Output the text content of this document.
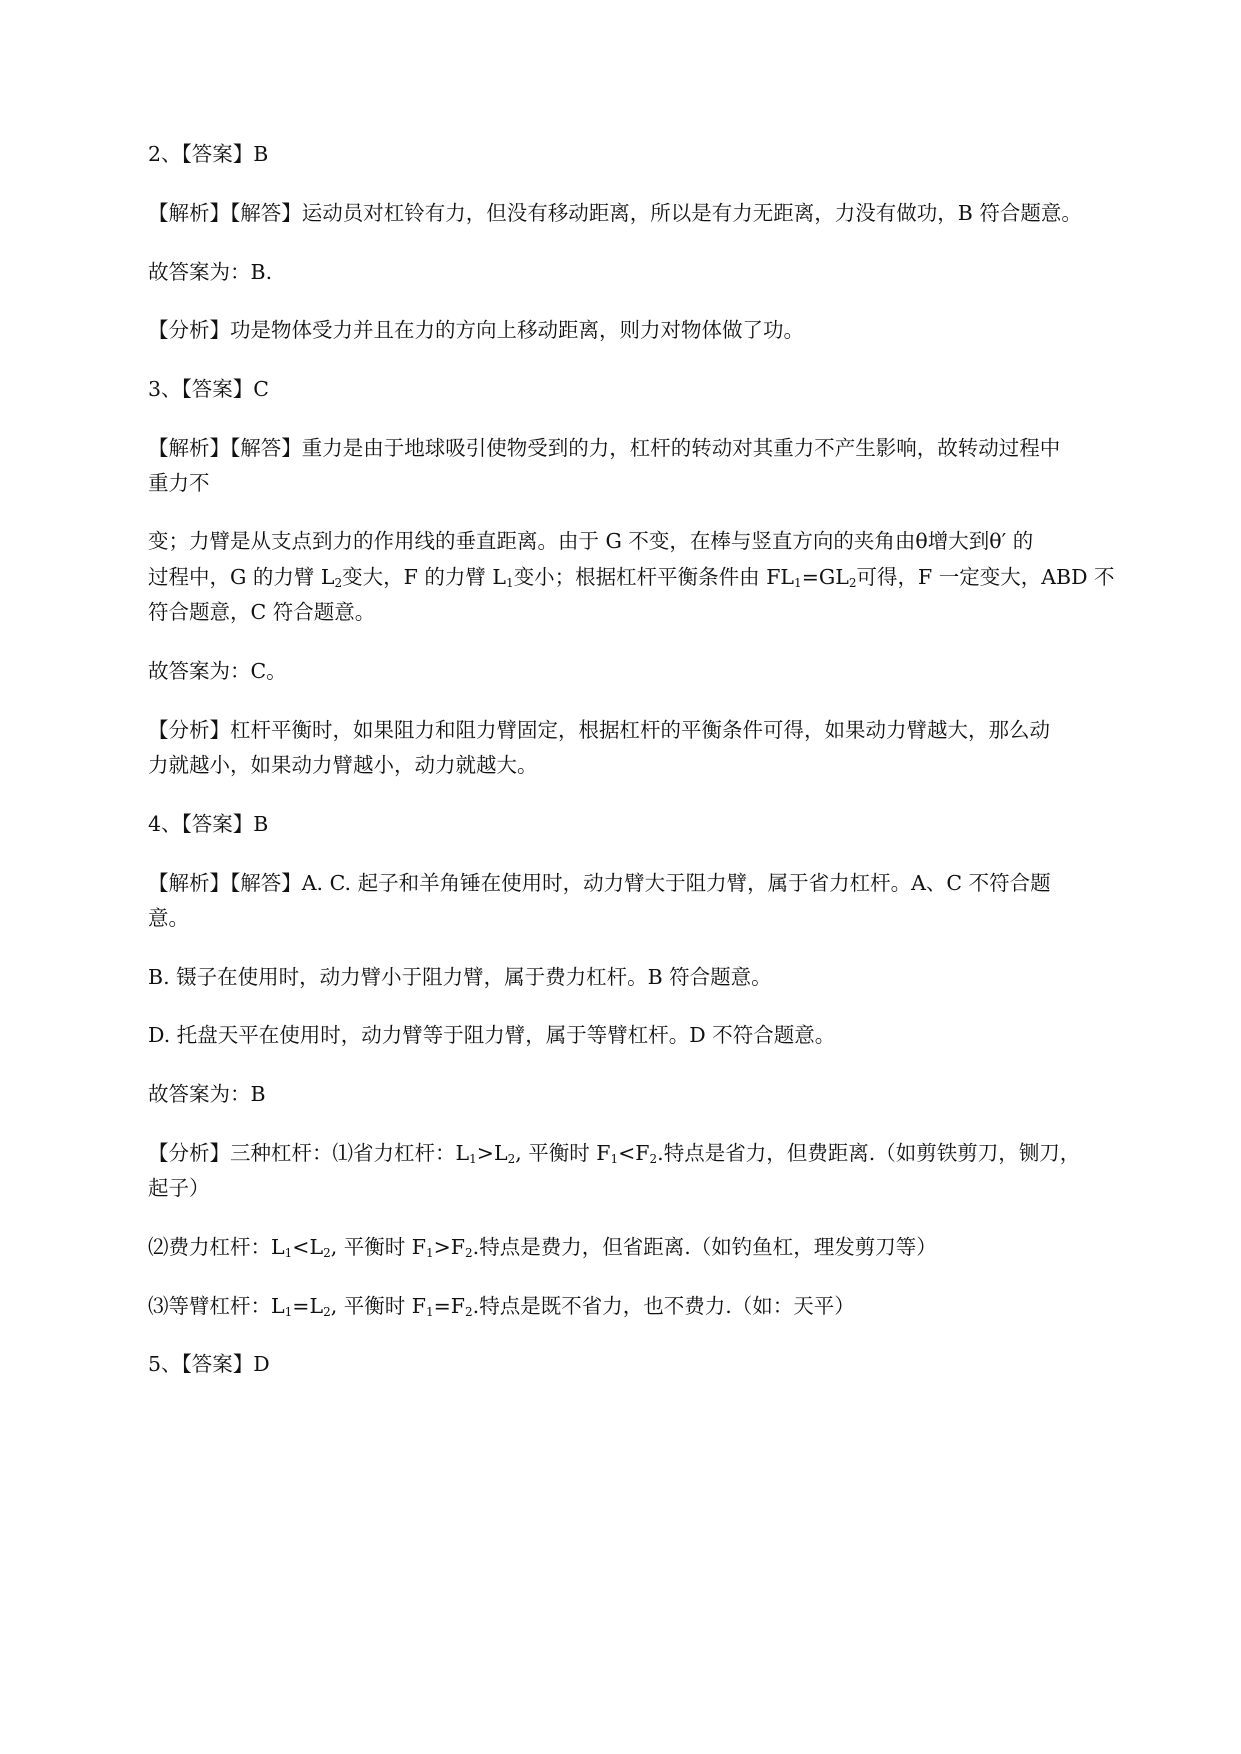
2、【答案】B
【解析】【解答】运动员对杠铃有力，但没有移动距离，所以是有力无距离，力没有做功，B 符合题意。
故答案为：B.
【分析】功是物体受力并且在力的方向上移动距离，则力对物体做了功。
3、【答案】C
【解析】【解答】重力是由于地球吸引使物受到的力，杠杆的转动对其重力不产生影响，故转动过程中
重力不
变；力臂是从支点到力的作用线的垂直距离。由于 G 不变，在棒与竖直方向的夹角由θ增大到θ′ 的
过程中，G 的力臂 $L_2$变大，F 的力臂 $L_1$变小；根据杠杆平衡条件由 $FL_1=GL_2$可得，F 一定变大，ABD 不
符合题意，C 符合题意。
故答案为：C。
【分析】杠杆平衡时，如果阻力和阻力臂固定，根据杠杆的平衡条件可得，如果动力臂越大，那么动
力就越小，如果动力臂越小，动力就越大。
4、【答案】B
【解析】【解答】A. C. 起子和羊角锤在使用时，动力臂大于阻力臂，属于省力杠杆。A、C 不符合题
意。
B. 镊子在使用时，动力臂小于阻力臂，属于费力杠杆。B 符合题意。
D. 托盘天平在使用时，动力臂等于阻力臂，属于等臂杠杆。D 不符合题意。
故答案为：B
【分析】三种杠杆：⑴省力杠杆：$L_1>L_2$, 平衡时 $F_1<F_2$.特点是省力，但费距离.（如剪铁剪刀，铡刀，
起子）
⑵费力杠杆：$L_1<L_2$, 平衡时 $F_1>F_2$.特点是费力，但省距离.（如钓鱼杠，理发剪刀等）
⑶等臂杠杆：$L_1=L_2$, 平衡时 $F_1=F_2$.特点是既不省力，也不费力.（如：天平）
5、【答案】D
